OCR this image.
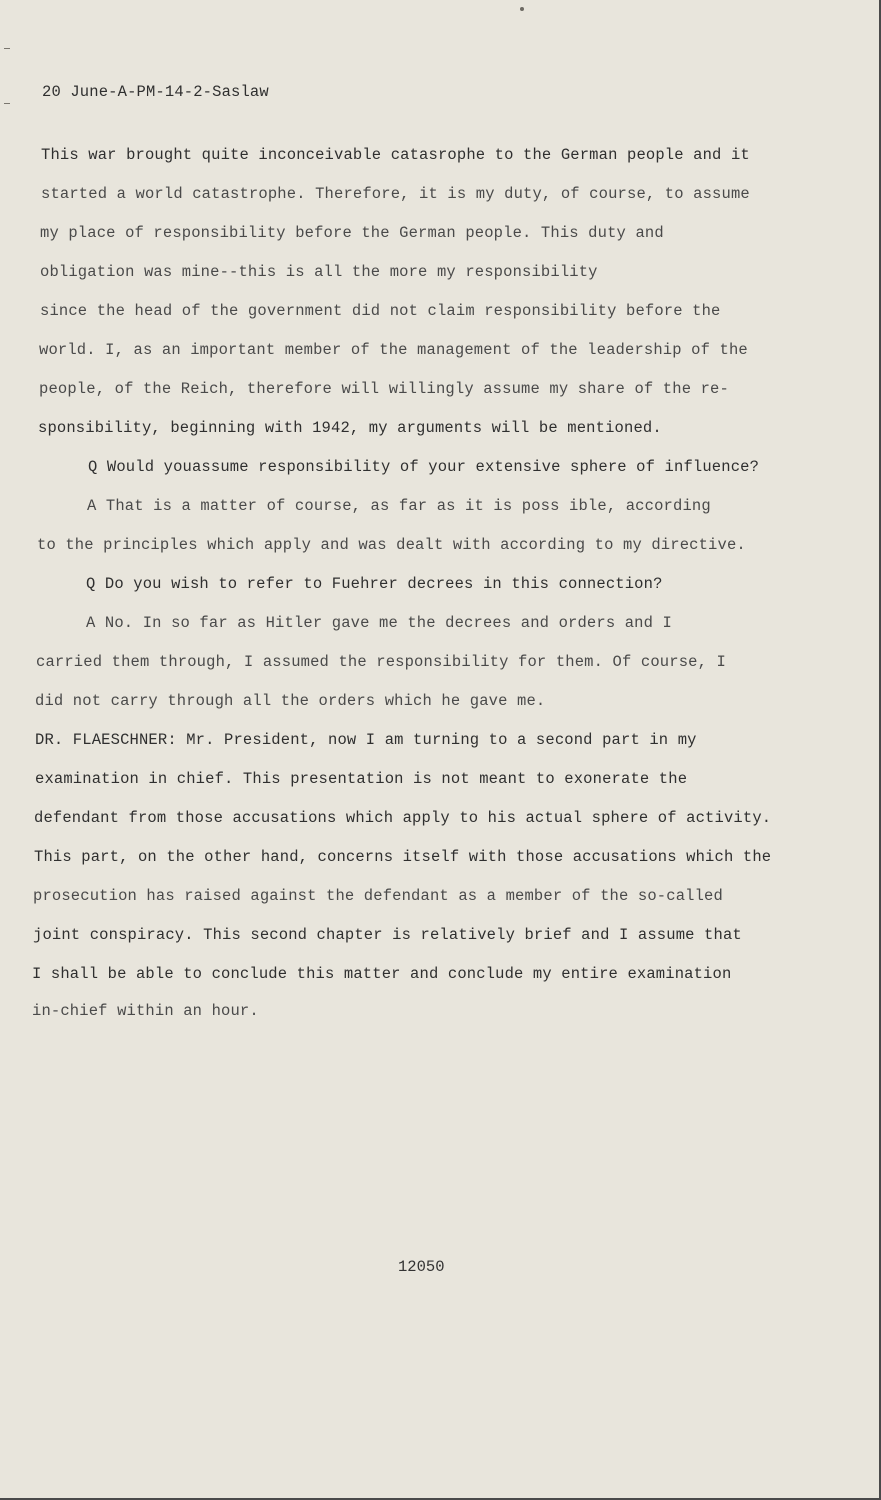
20 June-A-PM-14-2-Saslaw
This war brought quite inconceivable catasrophe to the German people and it
started a world catastrophe. Therefore, it is my duty, of course, to assume
my place of responsibility before the German people. This duty and
obligation was mine--this is all the more my responsibility
since the head of the government did not claim responsibility before the
world. I, as an important member of the management of the leadership of the
people, of the Reich, therefore will willingly assume my share of the re-
sponsibility, beginning with 1942, my arguments will be mentioned.
Q Would youassume responsibility of your extensive sphere of influence?
A That is a matter of course, as far as it is poss ible, according
to the principles which apply and was dealt with according to my directive.
Q Do you wish to refer to Fuehrer decrees in this connection?
A No. In so far as Hitler gave me the decrees and orders and I
carried them through, I assumed the responsibility for them. Of course, I
did not carry through all the orders which he gave me.
DR. FLAESCHNER: Mr. President, now I am turning to a second part in my
examination in chief. This presentation is not meant to exonerate the
defendant from those accusations which apply to his actual sphere of activity.
This part, on the other hand, concerns itself with those accusations which the
prosecution has raised against the defendant as a member of the so-called
joint conspiracy. This second chapter is relatively brief and I assume that
I shall be able to conclude this matter and conclude my entire examination
in-chief within an hour.
12050
